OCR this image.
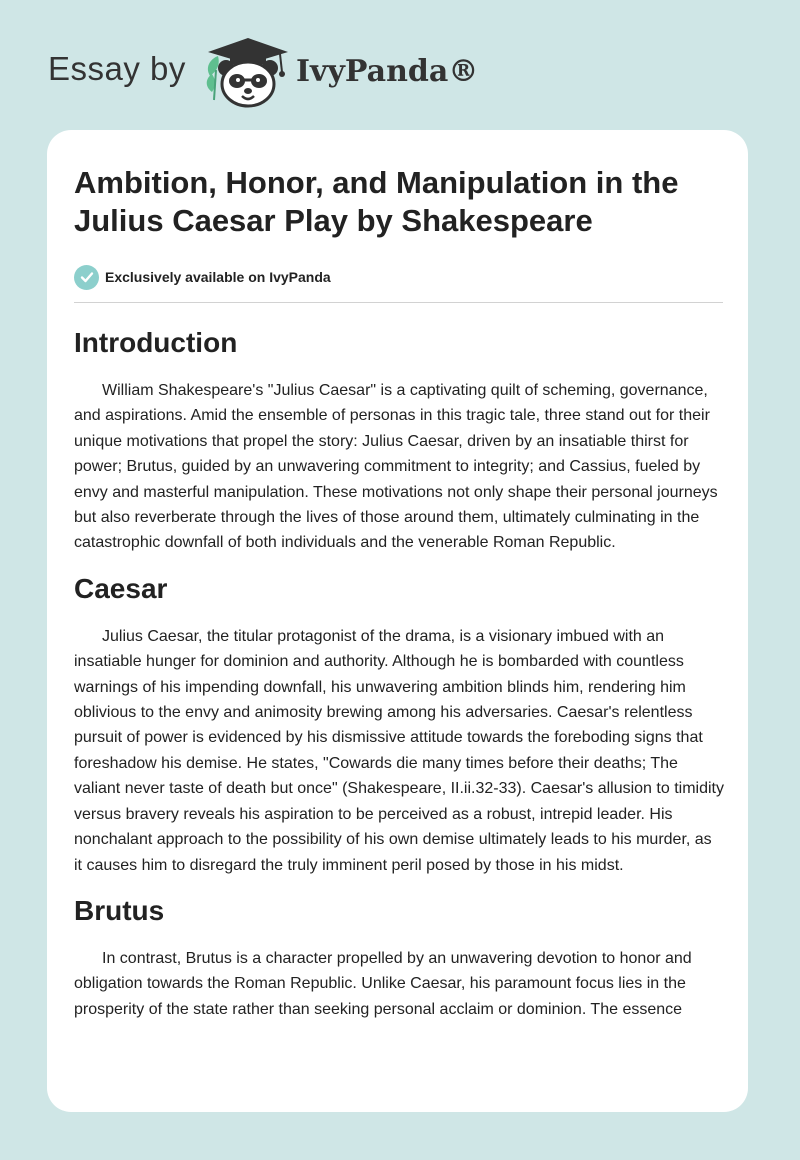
Essay by	IvyPanda®
Ambition, Honor, and Manipulation in the Julius Caesar Play by Shakespeare
Exclusively available on IvyPanda
Introduction

William Shakespeare's "Julius Caesar" is a captivating quilt of scheming, governance, and aspirations. Amid the ensemble of personas in this tragic tale, three stand out for their unique motivations that propel the story: Julius Caesar, driven by an insatiable thirst for power; Brutus, guided by an unwavering commitment to integrity; and Cassius, fueled by envy and masterful manipulation. These motivations not only shape their personal journeys but also reverberate through the lives of those around them, ultimately culminating in the catastrophic downfall of both individuals and the venerable Roman Republic.

Caesar

Julius Caesar, the titular protagonist of the drama, is a visionary imbued with an insatiable hunger for dominion and authority. Although he is bombarded with countless warnings of his impending downfall, his unwavering ambition blinds him, rendering him oblivious to the envy and animosity brewing among his adversaries. Caesar's relentless pursuit of power is evidenced by his dismissive attitude towards the foreboding signs that foreshadow his demise. He states, "Cowards die many times before their deaths; The valiant never taste of death but once" (Shakespeare, II.ii.32-33). Caesar's allusion to timidity versus bravery reveals his aspiration to be perceived as a robust, intrepid leader. His nonchalant approach to the possibility of his own demise ultimately leads to his murder, as it causes him to disregard the truly imminent peril posed by those in his midst.

Brutus

In contrast, Brutus is a character propelled by an unwavering devotion to honor and obligation towards the Roman Republic. Unlike Caesar, his paramount focus lies in the prosperity of the state rather than seeking personal acclaim or dominion. The essence
